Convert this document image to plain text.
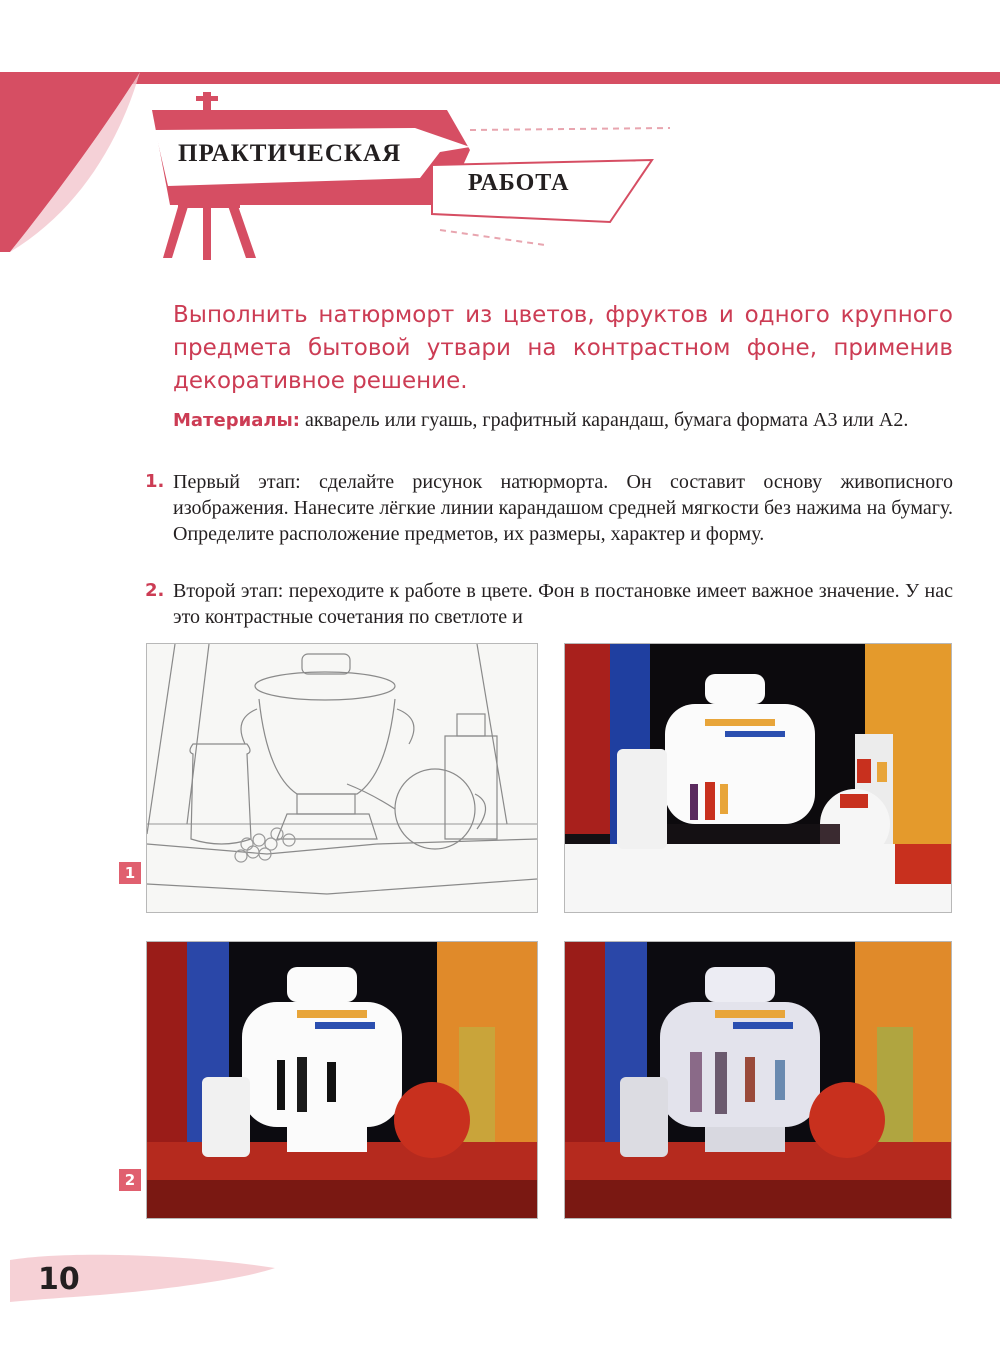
ПРАКТИЧЕСКАЯ
РАБОТА
Выполнить натюрморт из цветов, фруктов и одного крупного предмета бытовой утвари на контрастном фоне, применив декоративное решение.
Материалы: акварель или гуашь, графитный карандаш, бумага формата А3 или А2.
1. Первый этап: сделайте рисунок натюрморта. Он составит основу живописного изображения. Нанесите лёгкие линии карандашом средней мягкости без нажима на бумагу. Определите расположение предметов, их размеры, характер и форму.
2. Второй этап: переходите к работе в цвете. Фон в постановке имеет важное значение. У нас это контрастные сочетания по светлоте и
1
2
10
